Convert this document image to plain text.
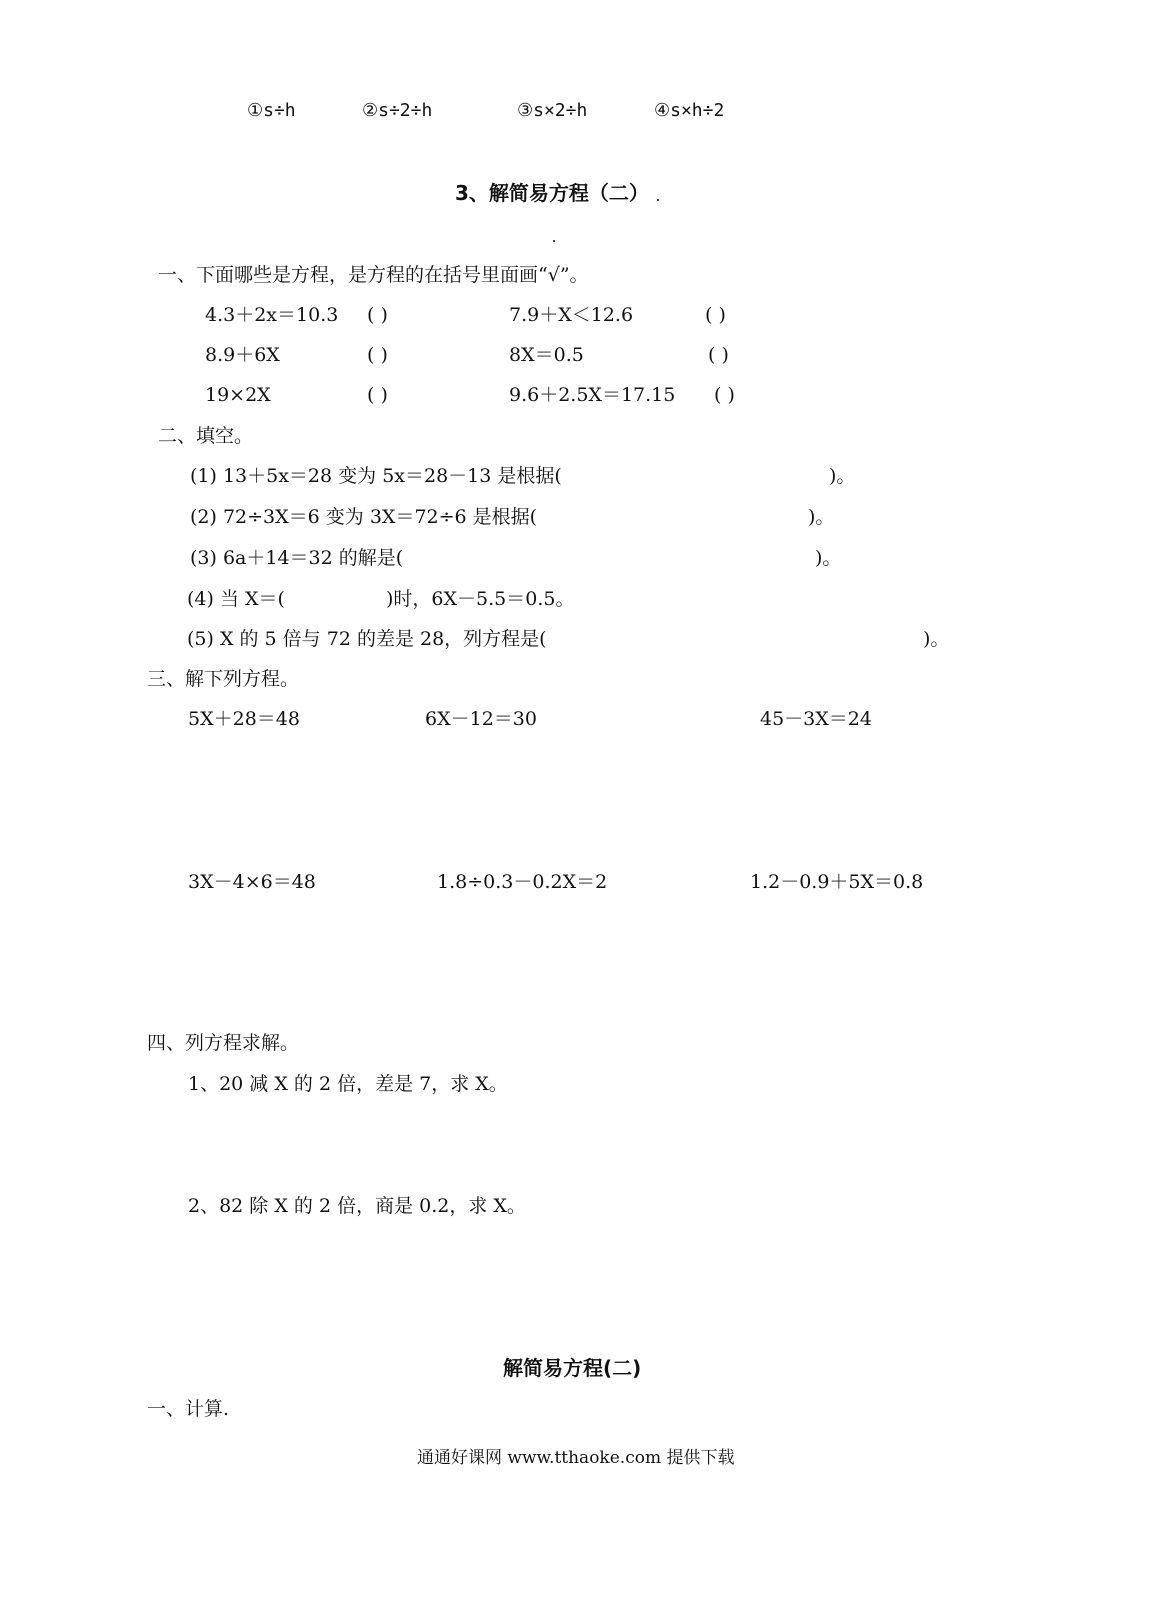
①s÷h	②s÷2÷h	③s×2÷h	④s×h÷2
3、解简易方程（二）
一、下面哪些是方程，是方程的在括号里面画“√”。
4.3＋2x＝10.3 ( )	7.9＋X＜12.6	( )
8.9＋6X	( )	8X＝0.5	( )
19×2X	( )	9.6＋2.5X＝17.15 ( )
二、填空。
(1) 13＋5x＝28 变为 5x＝28－13 是根据(	)。
(2) 72÷3X＝6 变为 3X＝72÷6 是根据(	)。
(3) 6a＋14＝32 的解是(	)。
(4) 当 X＝(	)时，6X－5.5＝0.5。
(5) X 的 5 倍与 72 的差是 28，列方程是(	)。
三、解下列方程。
5X＋28＝48	6X－12＝30	45－3X＝24
3X－4×6＝48	1.8÷0.3－0.2X＝2	1.2－0.9＋5X＝0.8
四、列方程求解。
1、20 减 X 的 2 倍，差是 7，求 X。
2、82 除 X 的 2 倍，商是 0.2，求 X。
解简易方程(二)
一、计算.
通通好课网 www.tthaoke.com 提供下载
